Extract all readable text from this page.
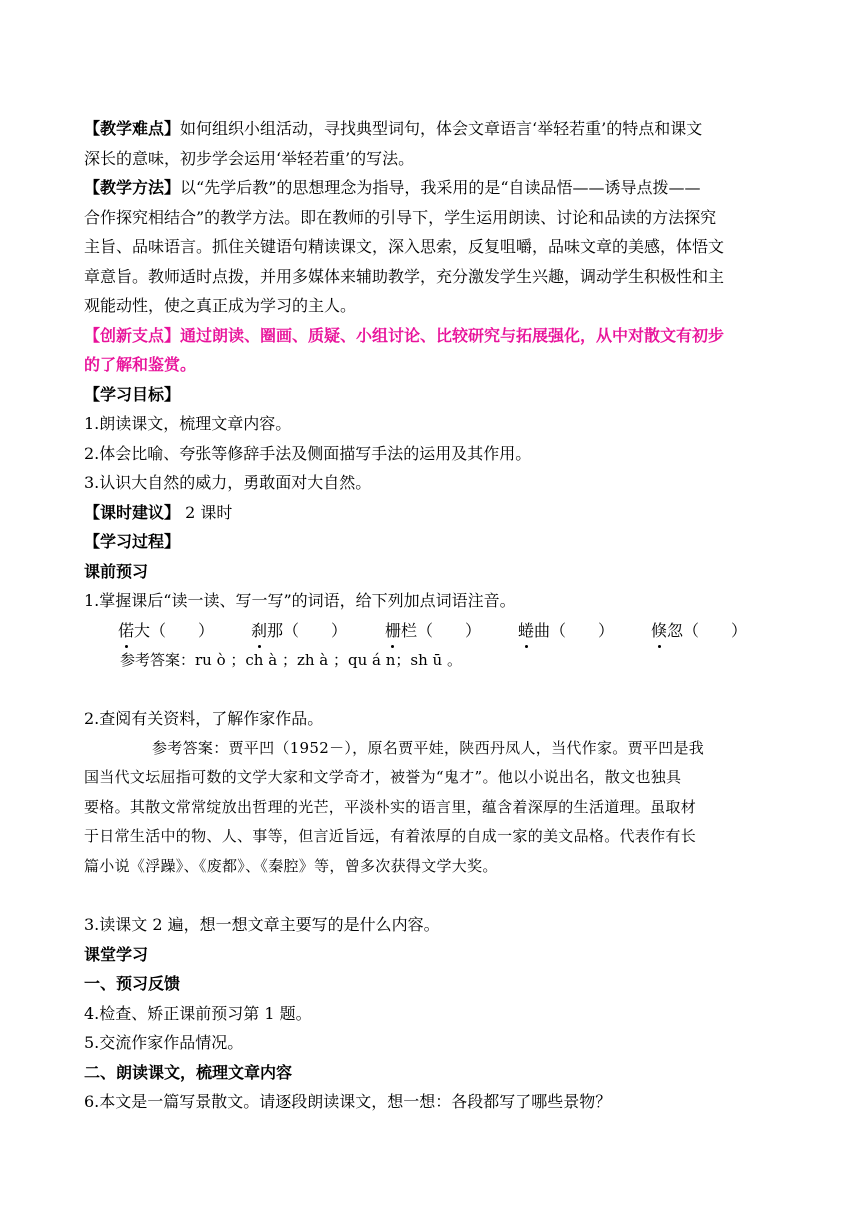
【教学难点】如何组织小组活动，寻找典型词句，体会文章语言‘举轻若重’的特点和课文
深长的意味，初步学会运用‘举轻若重’的写法。
【教学方法】以“先学后教”的思想理念为指导，我采用的是“自读品悟——诱导点拨——
合作探究相结合”的教学方法。即在教师的引导下，学生运用朗读、讨论和品读的方法探究
主旨、品味语言。抓住关键语句精读课文，深入思索，反复咀嚼，品味文章的美感，体悟文
章意旨。教师适时点拨，并用多媒体来辅助教学，充分激发学生兴趣，调动学生积极性和主
观能动性，使之真正成为学习的主人。
【创新支点】通过朗读、圈画、质疑、小组讨论、比较研究与拓展强化，从中对散文有初步
的了解和鉴赏。
【学习目标】
1.朗读课文，梳理文章内容。
2.体会比喻、夸张等修辞手法及侧面描写手法的运用及其作用。
3.认识大自然的威力，勇敢面对大自然。
【课时建议】 2 课时
【学习过程】
课前预习
1.掌握课后“读一读、写一写”的词语，给下列加点词语注音。
偌大（　　）	刹那（　　）	栅栏（　　）	蜷曲（　　）	倏忽（　　）
参考答案：ru ò ；ch à ；zh à ；qu á n；sh ū 。
2.查阅有关资料，了解作家作品。
参考答案：贾平凹（1952－），原名贾平娃，陕西丹凤人，当代作家。贾平凹是我
国当代文坛屈指可数的文学大家和文学奇才，被誉为“鬼才”。他以小说出名，散文也独具
要格。其散文常常绽放出哲理的光芒，平淡朴实的语言里，蕴含着深厚的生活道理。虽取材
于日常生活中的物、人、事等，但言近旨远，有着浓厚的自成一家的美文品格。代表作有长
篇小说《浮躁》、《废都》、《秦腔》等，曾多次获得文学大奖。
3.读课文 2 遍，想一想文章主要写的是什么内容。
课堂学习
一、预习反馈
4.检查、矫正课前预习第 1 题。
5.交流作家作品情况。
二、朗读课文，梳理文章内容
6.本文是一篇写景散文。请逐段朗读课文，想一想：各段都写了哪些景物？
